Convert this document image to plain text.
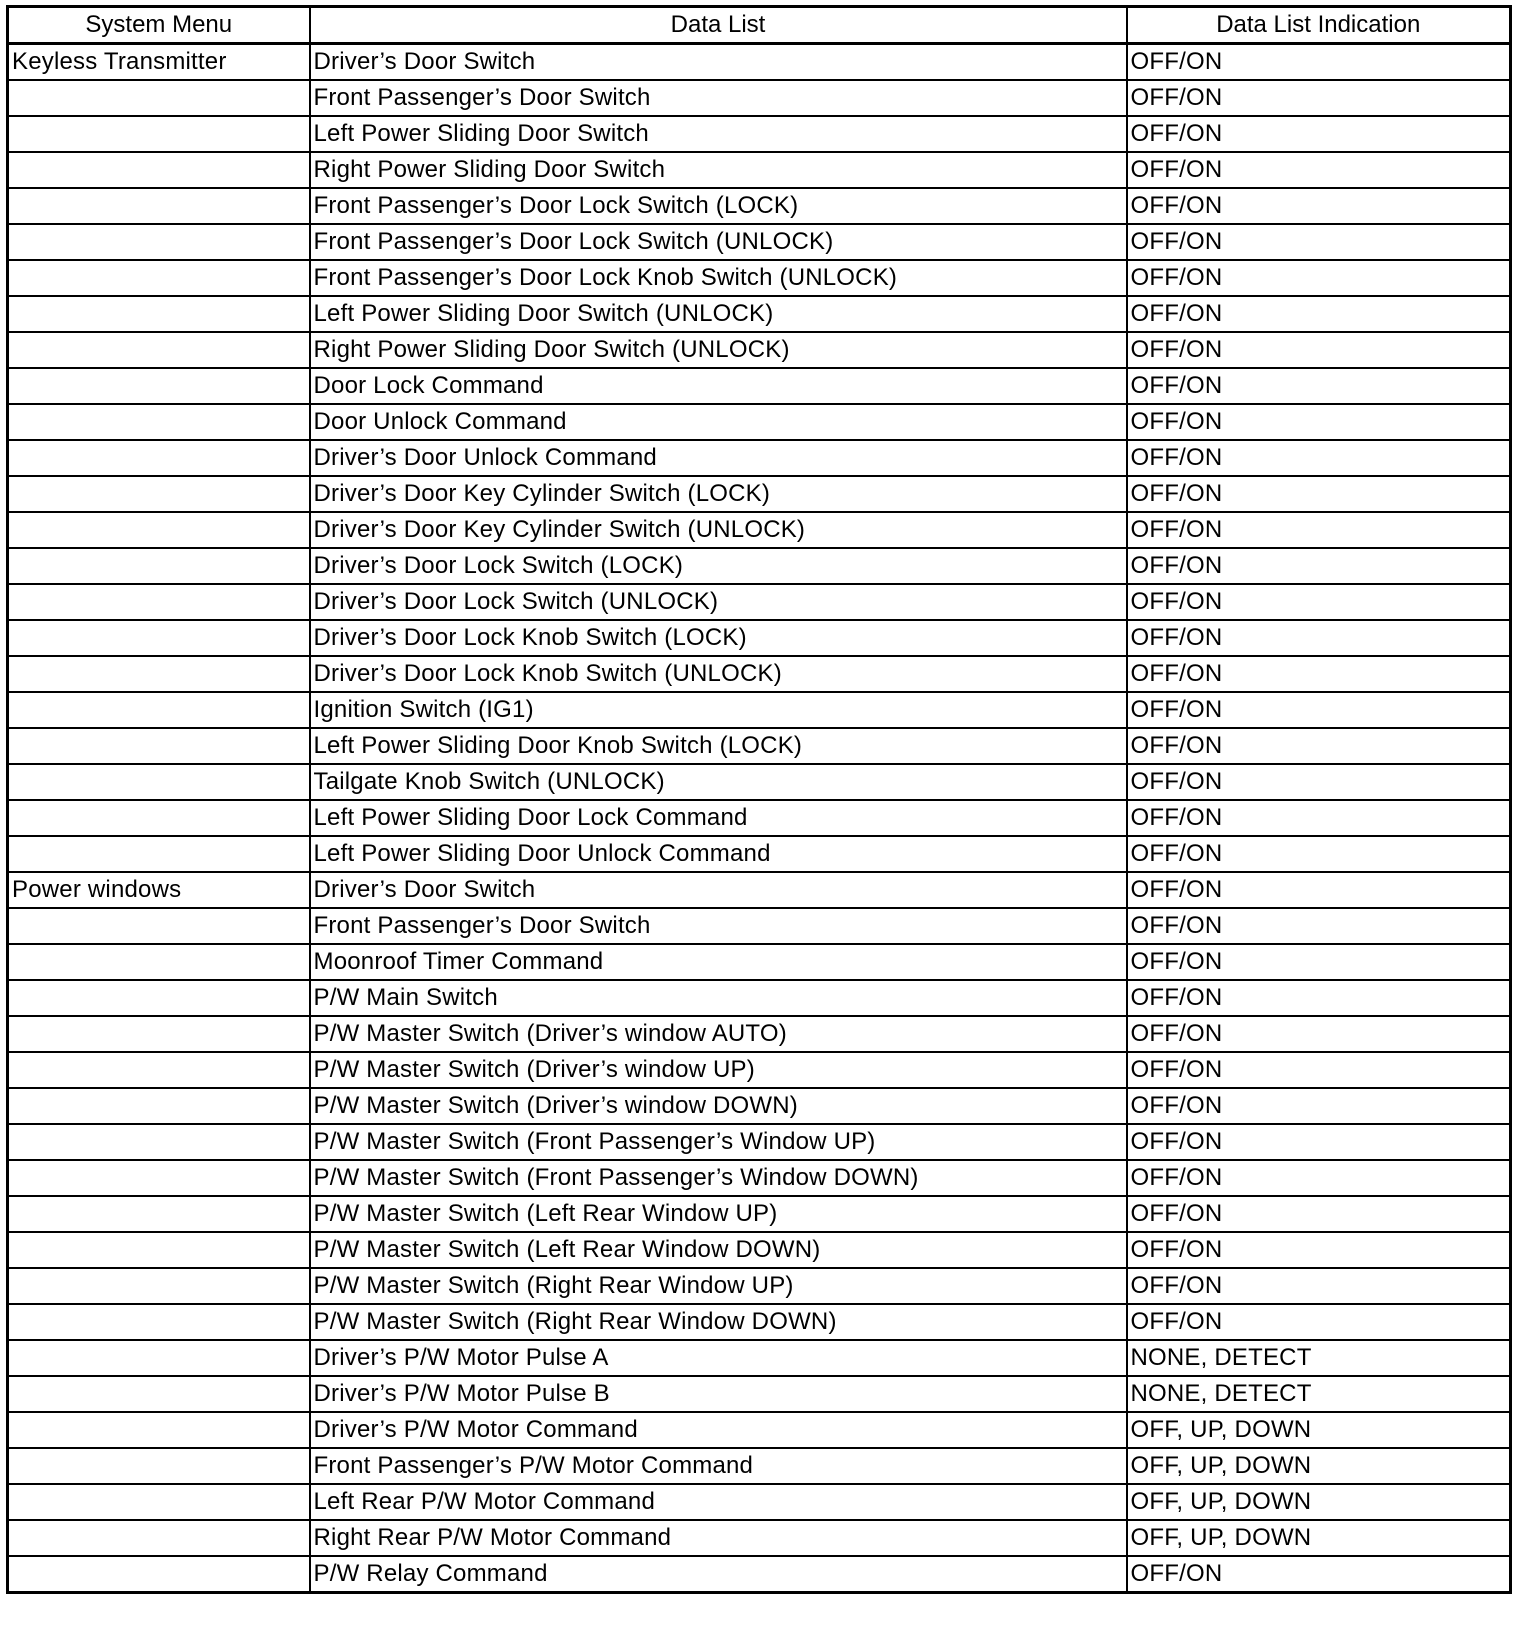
System Menu	Data List	Data List Indication
Keyless Transmitter	Driver’s Door Switch	OFF/ON
	Front Passenger’s Door Switch	OFF/ON
	Left Power Sliding Door Switch	OFF/ON
	Right Power Sliding Door Switch	OFF/ON
	Front Passenger’s Door Lock Switch (LOCK)	OFF/ON
	Front Passenger’s Door Lock Switch (UNLOCK)	OFF/ON
	Front Passenger’s Door Lock Knob Switch (UNLOCK)	OFF/ON
	Left Power Sliding Door Switch (UNLOCK)	OFF/ON
	Right Power Sliding Door Switch (UNLOCK)	OFF/ON
	Door Lock Command	OFF/ON
	Door Unlock Command	OFF/ON
	Driver’s Door Unlock Command	OFF/ON
	Driver’s Door Key Cylinder Switch (LOCK)	OFF/ON
	Driver’s Door Key Cylinder Switch (UNLOCK)	OFF/ON
	Driver’s Door Lock Switch (LOCK)	OFF/ON
	Driver’s Door Lock Switch (UNLOCK)	OFF/ON
	Driver’s Door Lock Knob Switch (LOCK)	OFF/ON
	Driver’s Door Lock Knob Switch (UNLOCK)	OFF/ON
	Ignition Switch (IG1)	OFF/ON
	Left Power Sliding Door Knob Switch (LOCK)	OFF/ON
	Tailgate Knob Switch (UNLOCK)	OFF/ON
	Left Power Sliding Door Lock Command	OFF/ON
	Left Power Sliding Door Unlock Command	OFF/ON
Power windows	Driver’s Door Switch	OFF/ON
	Front Passenger’s Door Switch	OFF/ON
	Moonroof Timer Command	OFF/ON
	P/W Main Switch	OFF/ON
	P/W Master Switch (Driver’s window AUTO)	OFF/ON
	P/W Master Switch (Driver’s window UP)	OFF/ON
	P/W Master Switch (Driver’s window DOWN)	OFF/ON
	P/W Master Switch (Front Passenger’s Window UP)	OFF/ON
	P/W Master Switch (Front Passenger’s Window DOWN)	OFF/ON
	P/W Master Switch (Left Rear Window UP)	OFF/ON
	P/W Master Switch (Left Rear Window DOWN)	OFF/ON
	P/W Master Switch (Right Rear Window UP)	OFF/ON
	P/W Master Switch (Right Rear Window DOWN)	OFF/ON
	Driver’s P/W Motor Pulse A	NONE, DETECT
	Driver’s P/W Motor Pulse B	NONE, DETECT
	Driver’s P/W Motor Command	OFF, UP, DOWN
	Front Passenger’s P/W Motor Command	OFF, UP, DOWN
	Left Rear P/W Motor Command	OFF, UP, DOWN
	Right Rear P/W Motor Command	OFF, UP, DOWN
	P/W Relay Command	OFF/ON
